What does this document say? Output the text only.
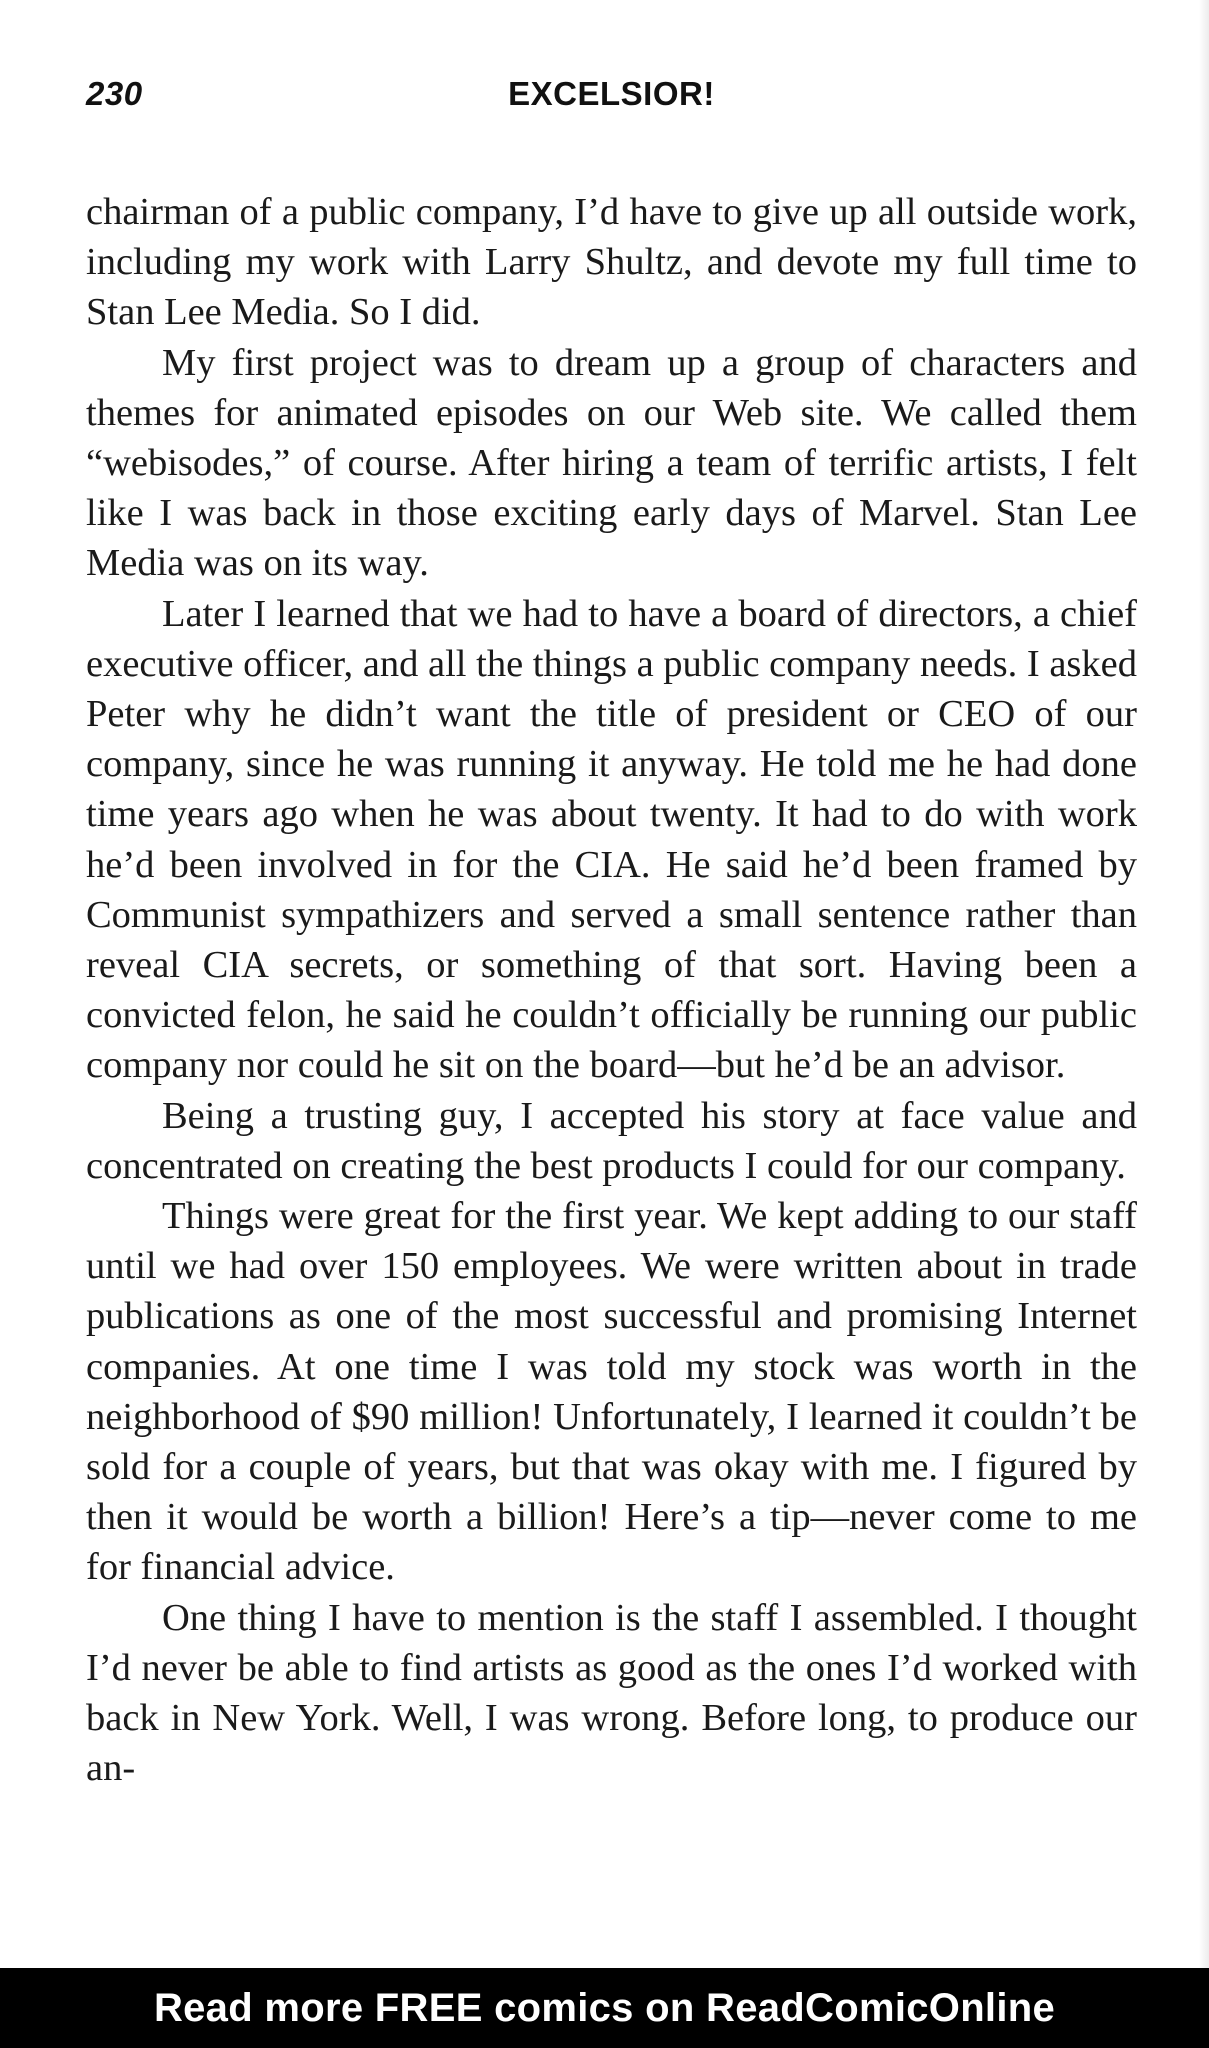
230	EXCELSIOR!

chairman of a public company, I’d have to give up all outside work, including my work with Larry Shultz, and devote my full time to Stan Lee Media. So I did.

My first project was to dream up a group of characters and themes for animated episodes on our Web site. We called them “webisodes,” of course. After hiring a team of terrific artists, I felt like I was back in those exciting early days of Marvel. Stan Lee Media was on its way.

Later I learned that we had to have a board of directors, a chief executive officer, and all the things a public company needs. I asked Peter why he didn’t want the title of president or CEO of our company, since he was running it anyway. He told me he had done time years ago when he was about twenty. It had to do with work he’d been involved in for the CIA. He said he’d been framed by Communist sympathizers and served a small sentence rather than reveal CIA secrets, or something of that sort. Having been a convicted felon, he said he couldn’t officially be running our public company nor could he sit on the board—but he’d be an advisor.

Being a trusting guy, I accepted his story at face value and concentrated on creating the best products I could for our company.

Things were great for the first year. We kept adding to our staff until we had over 150 employees. We were written about in trade publications as one of the most successful and promising Internet companies. At one time I was told my stock was worth in the neighborhood of $90 million! Unfortunately, I learned it couldn’t be sold for a couple of years, but that was okay with me. I figured by then it would be worth a billion! Here’s a tip—never come to me for financial advice.

One thing I have to mention is the staff I assembled. I thought I’d never be able to find artists as good as the ones I’d worked with back in New York. Well, I was wrong. Before long, to produce our an-

Read more FREE comics on ReadComicOnline
